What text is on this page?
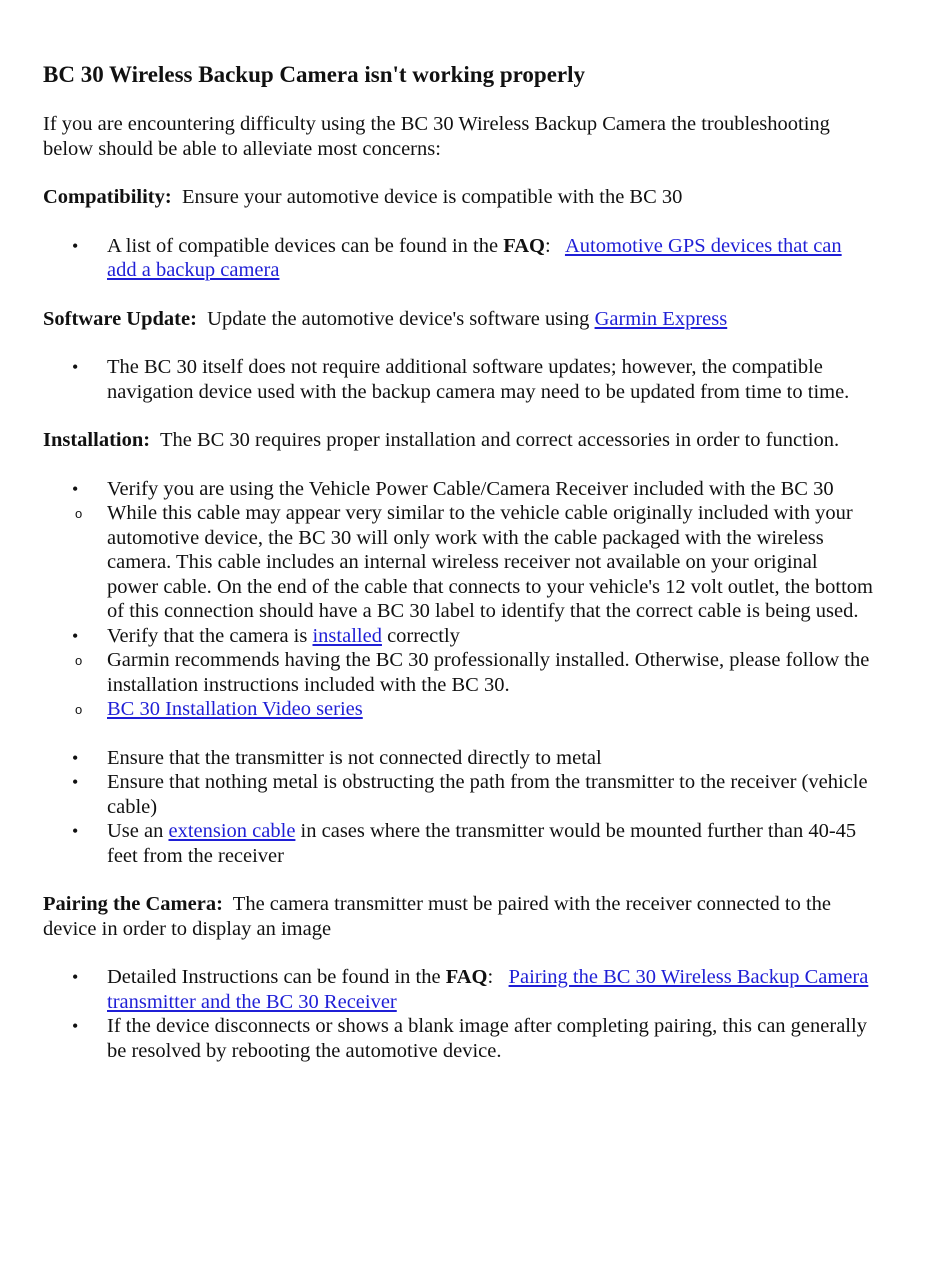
BC 30 Wireless Backup Camera isn't working properly

If you are encountering difficulty using the BC 30 Wireless Backup Camera the troubleshooting below should be able to alleviate most concerns:

Compatibility: Ensure your automotive device is compatible with the BC 30

• A list of compatible devices can be found in the FAQ: Automotive GPS devices that can add a backup camera

Software Update: Update the automotive device's software using Garmin Express

• The BC 30 itself does not require additional software updates; however, the compatible navigation device used with the backup camera may need to be updated from time to time.

Installation: The BC 30 requires proper installation and correct accessories in order to function.

• Verify you are using the Vehicle Power Cable/Camera Receiver included with the BC 30
o While this cable may appear very similar to the vehicle cable originally included with your automotive device, the BC 30 will only work with the cable packaged with the wireless camera. This cable includes an internal wireless receiver not available on your original power cable. On the end of the cable that connects to your vehicle's 12 volt outlet, the bottom of this connection should have a BC 30 label to identify that the correct cable is being used.
• Verify that the camera is installed correctly
o Garmin recommends having the BC 30 professionally installed. Otherwise, please follow the installation instructions included with the BC 30.
o BC 30 Installation Video series
• Ensure that the transmitter is not connected directly to metal
• Ensure that nothing metal is obstructing the path from the transmitter to the receiver (vehicle cable)
• Use an extension cable in cases where the transmitter would be mounted further than 40-45 feet from the receiver

Pairing the Camera: The camera transmitter must be paired with the receiver connected to the device in order to display an image

• Detailed Instructions can be found in the FAQ: Pairing the BC 30 Wireless Backup Camera transmitter and the BC 30 Receiver
• If the device disconnects or shows a blank image after completing pairing, this can generally be resolved by rebooting the automotive device.
